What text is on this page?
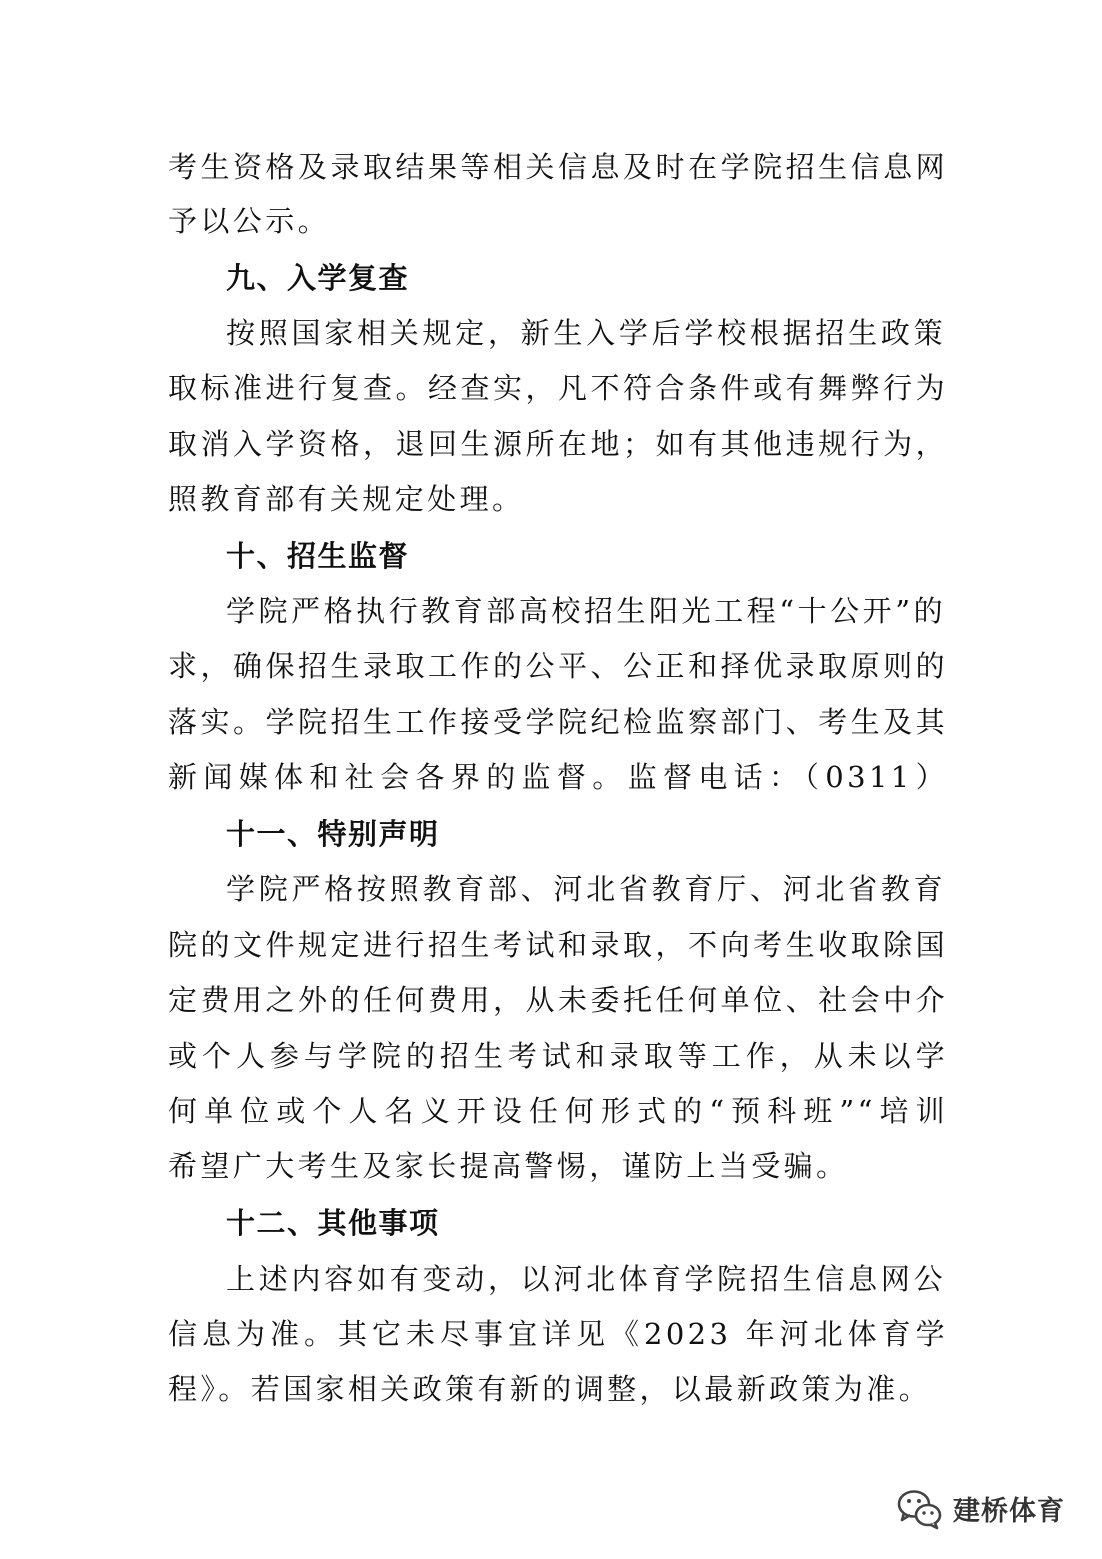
考生资格及录取结果等相关信息及时在学院招生信息网
予以公示。
九、入学复查
按照国家相关规定，新生入学后学校根据招生政策
取标准进行复查。经查实，凡不符合条件或有舞弊行为
取消入学资格，退回生源所在地；如有其他违规行为，
照教育部有关规定处理。
十、招生监督
学院严格执行教育部高校招生阳光工程“十公开”的
求，确保招生录取工作的公平、公正和择优录取原则的
落实。学院招生工作接受学院纪检监察部门、考生及其
新闻媒体和社会各界的监督。监督电话：（0311）
十一、特别声明
学院严格按照教育部、河北省教育厅、河北省教育
院的文件规定进行招生考试和录取，不向考生收取除国
定费用之外的任何费用，从未委托任何单位、社会中介
或个人参与学院的招生考试和录取等工作，从未以学
何单位或个人名义开设任何形式的“预科班”“培训
希望广大考生及家长提高警惕，谨防上当受骗。
十二、其他事项
上述内容如有变动，以河北体育学院招生信息网公
信息为准。其它未尽事宜详见《2023 年河北体育学
程》。若国家相关政策有新的调整，以最新政策为准。
建桥体育
